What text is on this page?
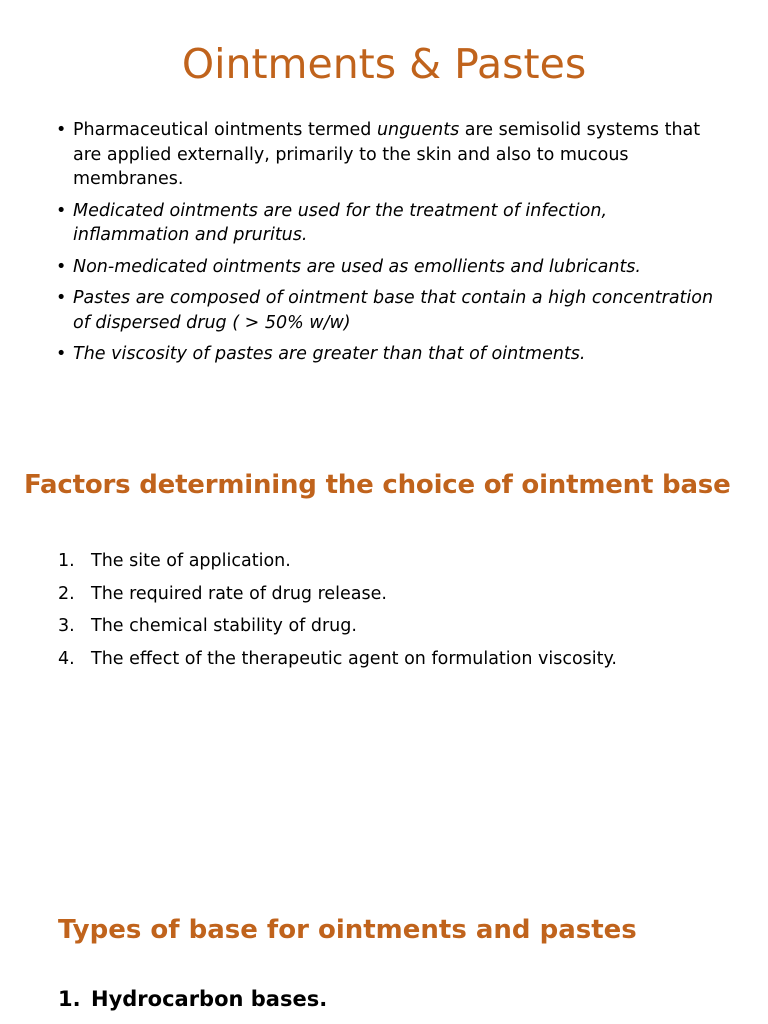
Ointments & Pastes
• Pharmaceutical ointments termed unguents are semisolid systems that are applied externally, primarily to the skin and also to mucous membranes.
• Medicated ointments are used for the treatment of infection, inflammation and pruritus.
• Non-medicated ointments are used as emollients and lubricants.
• Pastes are composed of ointment base that contain a high concentration of dispersed drug ( > 50% w/w)
• The viscosity of pastes are greater than that of ointments.
Factors determining the choice of ointment base
1. The site of application.
2. The required rate of drug release.
3. The chemical stability of drug.
4. The effect of the therapeutic agent on formulation viscosity.
Types of base for ointments and pastes
1. Hydrocarbon bases.
